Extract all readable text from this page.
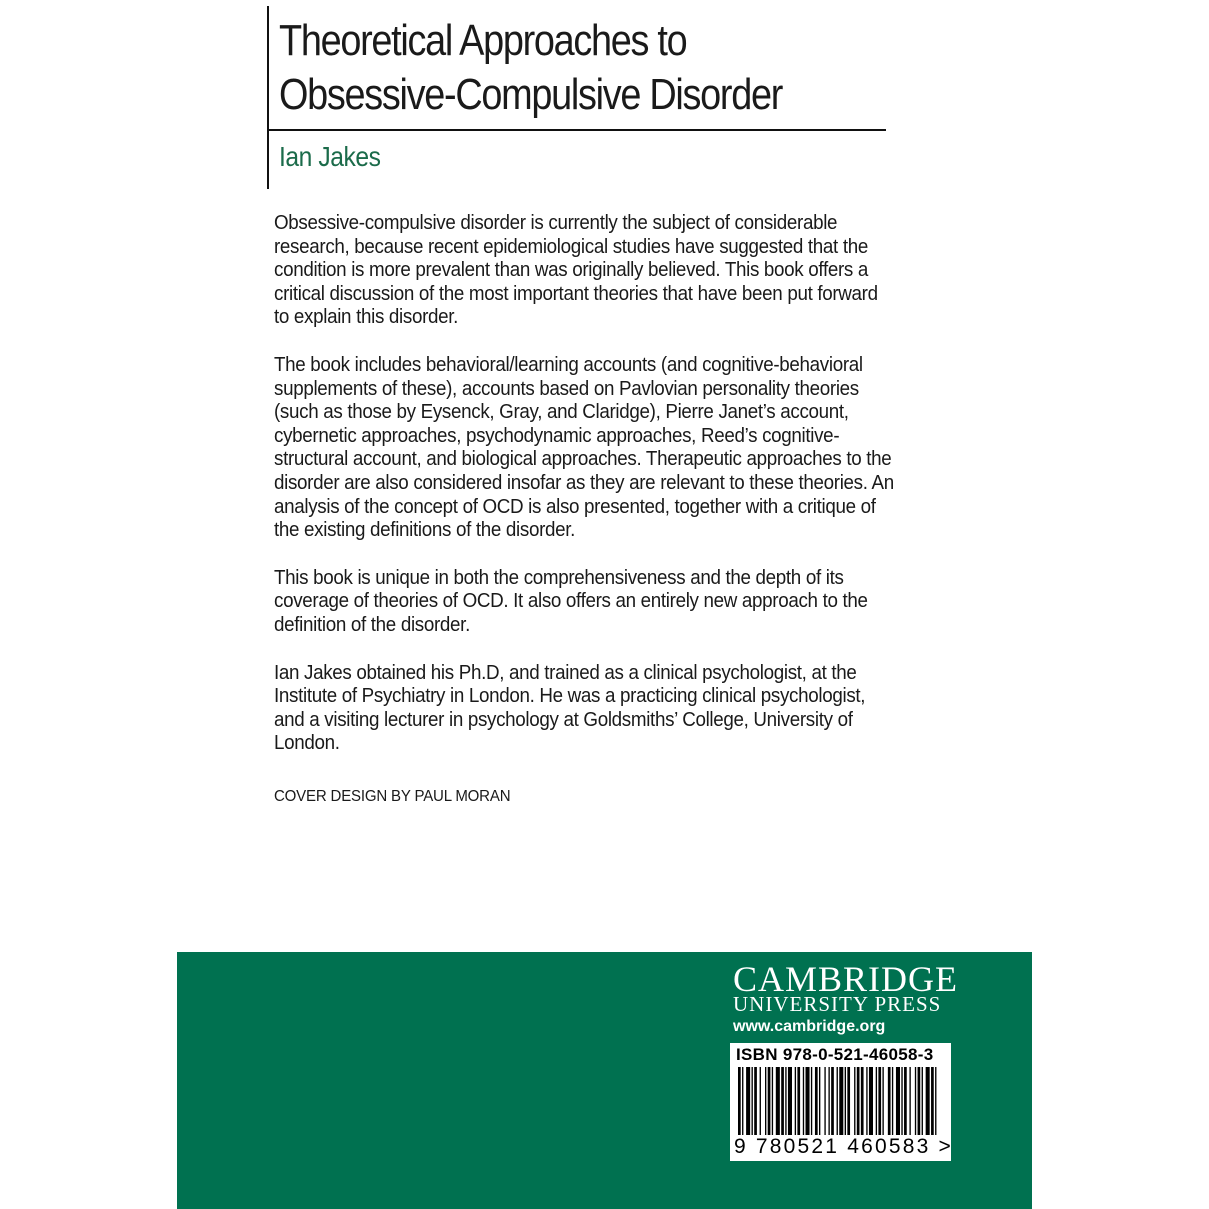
Theoretical Approaches to
Obsessive-Compulsive Disorder
Ian Jakes

Obsessive-compulsive disorder is currently the subject of considerable research, because recent epidemiological studies have suggested that the condition is more prevalent than was originally believed. This book offers a critical discussion of the most important theories that have been put forward to explain this disorder.

The book includes behavioral/learning accounts (and cognitive-behavioral supplements of these), accounts based on Pavlovian personality theories (such as those by Eysenck, Gray, and Claridge), Pierre Janet’s account, cybernetic approaches, psychodynamic approaches, Reed’s cognitive-structural account, and biological approaches. Therapeutic approaches to the disorder are also considered insofar as they are relevant to these theories. An analysis of the concept of OCD is also presented, together with a critique of the existing definitions of the disorder.

This book is unique in both the comprehensiveness and the depth of its coverage of theories of OCD. It also offers an entirely new approach to the definition of the disorder.

Ian Jakes obtained his Ph.D, and trained as a clinical psychologist, at the Institute of Psychiatry in London. He was a practicing clinical psychologist, and a visiting lecturer in psychology at Goldsmiths’ College, University of London.

COVER DESIGN BY PAUL MORAN
CAMBRIDGE
UNIVERSITY PRESS
www.cambridge.org
ISBN 978-0-521-46058-3
9 780521 460583 >
